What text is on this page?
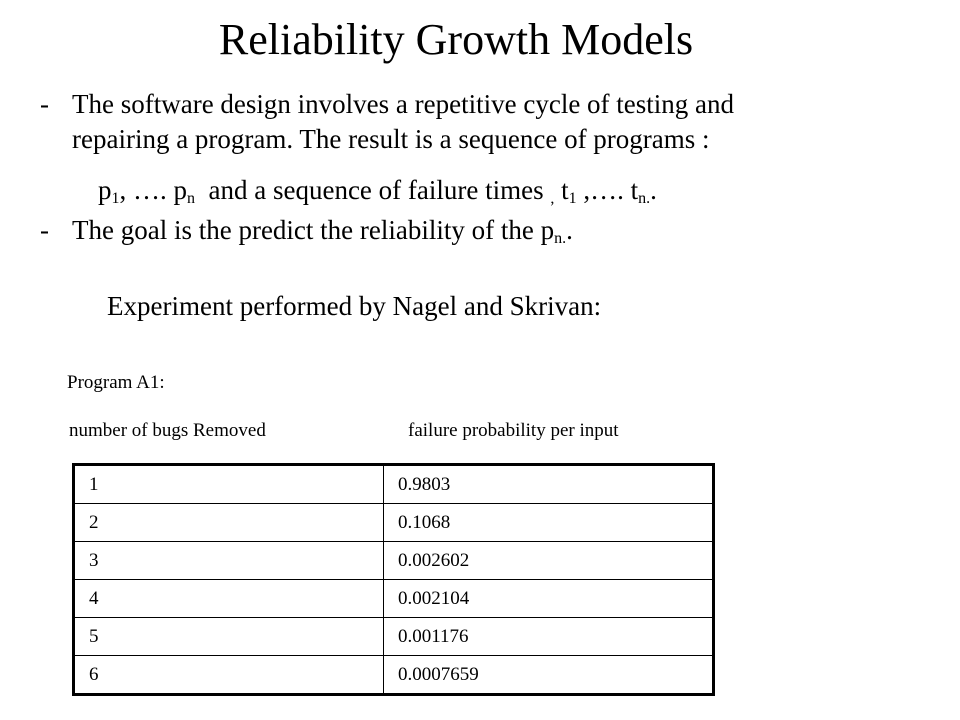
Reliability Growth Models
- The software design involves a repetitive cycle of testing and
repairing a program. The result is a sequence of programs :
$p_1$, …. $p_n$ and a sequence of failure times $_,$ $t_1$ ,…. $t_{n.}$.
- The goal is the predict the reliability of the $p_{n.}$.
Experiment performed by Nagel and Skrivan:
Program A1:
number of bugs Removed	failure probability per input
1	0.9803
2	0.1068
3	0.002602
4	0.002104
5	0.001176
6	0.0007659
